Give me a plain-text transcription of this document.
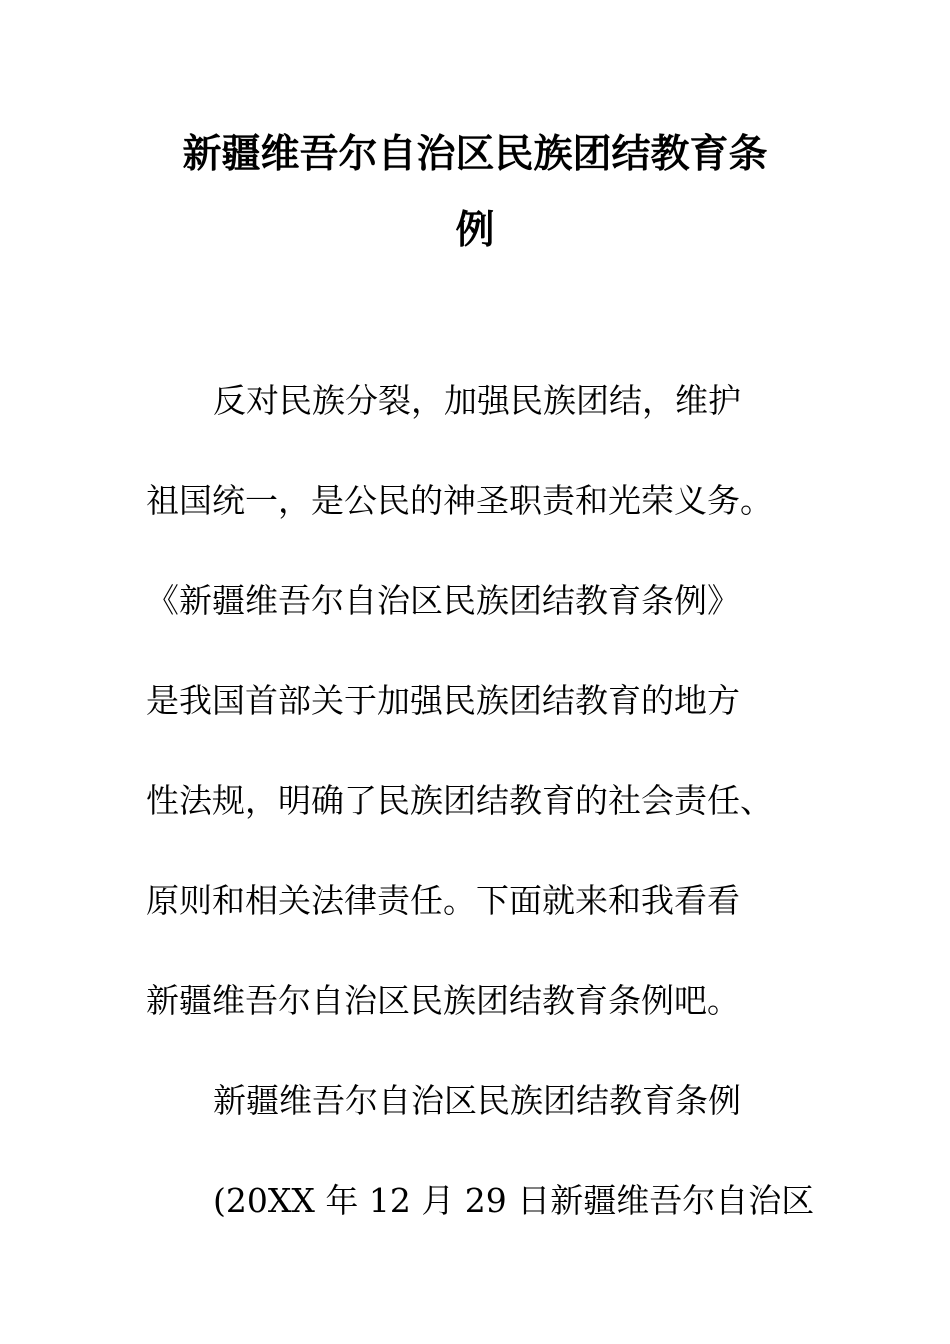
新疆维吾尔自治区民族团结教育条
例

反对民族分裂，加强民族团结，维护

祖国统一，是公民的神圣职责和光荣义务。

《新疆维吾尔自治区民族团结教育条例》

是我国首部关于加强民族团结教育的地方

性法规，明确了民族团结教育的社会责任、

原则和相关法律责任。下面就来和我看看

新疆维吾尔自治区民族团结教育条例吧。

新疆维吾尔自治区民族团结教育条例

(20XX 年 12 月 29 日新疆维吾尔自治区
